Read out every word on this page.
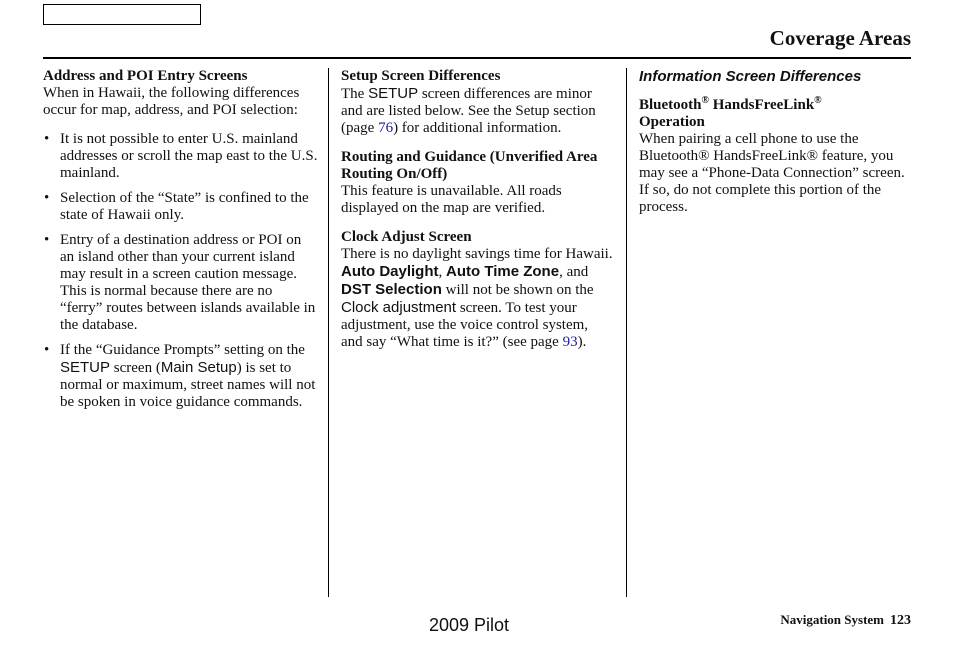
Coverage Areas
Address and POI Entry Screens

When in Hawaii, the following differences occur for map, address, and POI selection:

• It is not possible to enter U.S. mainland addresses or scroll the map east to the U.S. mainland.
• Selection of the “State” is confined to the state of Hawaii only.
• Entry of a destination address or POI on an island other than your current island may result in a screen caution message. This is normal because there are no “ferry” routes between islands available in the database.
• If the “Guidance Prompts” setting on the SETUP screen (Main Setup) is set to normal or maximum, street names will not be spoken in voice guidance commands.
Setup Screen Differences

The SETUP screen differences are minor and are listed below. See the Setup section (page 76) for additional information.

Routing and Guidance (Unverified Area Routing On/Off)

This feature is unavailable. All roads displayed on the map are verified.

Clock Adjust Screen

There is no daylight savings time for Hawaii. Auto Daylight, Auto Time Zone, and DST Selection will not be shown on the Clock adjustment screen. To test your adjustment, use the voice control system, and say “What time is it?” (see page 93).

Information Screen Differences
Bluetooth® HandsFreeLink®
Operation

When pairing a cell phone to use the Bluetooth® HandsFreeLink® feature, you may see a “Phone-Data Connection” screen. If so, do not complete this portion of the process.

2009 Pilot	Navigation System 123
